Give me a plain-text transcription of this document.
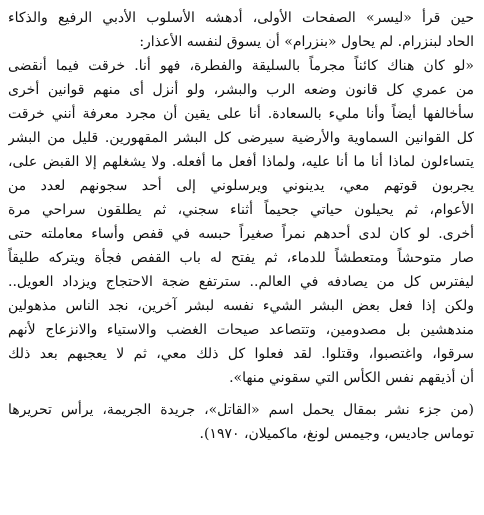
حين قرأ «ليسر» الصفحات الأولى، أدهشه الأسلوب الأدبي الرفيع والذكاء
الحاد لبنزرام. لم يحاول «بنزرام» أن يسوق لنفسه الأعذار:

«لو كان هناك كائناً مجرماً بالسليقة والفطرة، فهو أنا. خرقت فيما أنقضى
من عمري كل قانون وضعه الرب والبشر، ولو أنزل أى منهم قوانين أخرى
سأخالفها أيضاً وأنا مليء بالسعادة. أنا على يقين أن مجرد معرفة أنني خرقت
كل القوانين السماوية والأرضية سيرضى كل البشر المقهورين. قليل من البشر
يتساءلون لماذا أنا ما أنا عليه، ولماذا أفعل ما أفعله. ولا يشغلهم إلا القبض على،
يجربون قوتهم معي، يدينوني ويرسلوني إلى أحد سجونهم لعدد من
الأعوام، ثم يحيلون حياتي جحيماً أثناء سجني، ثم يطلقون سراحي مرة
أخرى. لو كان لدى أحدهم نمراً صغيراً حبسه في قفص وأساء معاملته حتى
صار متوحشاً ومتعطشاً للدماء، ثم يفتح له باب القفص فجأة ويتركه طليقاً
ليفترس كل من يصادفه في العالم.. سترتفع ضجة الاحتجاج ويزداد العويل..
ولكن إذا فعل بعض البشر الشيء نفسه لبشر آخرين، نجد الناس مذهولين
مندهشين بل مصدومين، وتتصاعد صيحات الغضب والاستياء والانزعاج لأنهم
سرقوا، واغتصبوا، وقتلوا. لقد فعلوا كل ذلك معي، ثم لا يعجبهم بعد ذلك
أن أذيقهم نفس الكأس التي سقوني منها».
(من جزء نشر بمقال يحمل اسم «القاتل»، جريدة الجريمة، يرأس تحريرها
توماس جاديس، وجيمس لونغ، ماكميلان، ١٩٧٠).
